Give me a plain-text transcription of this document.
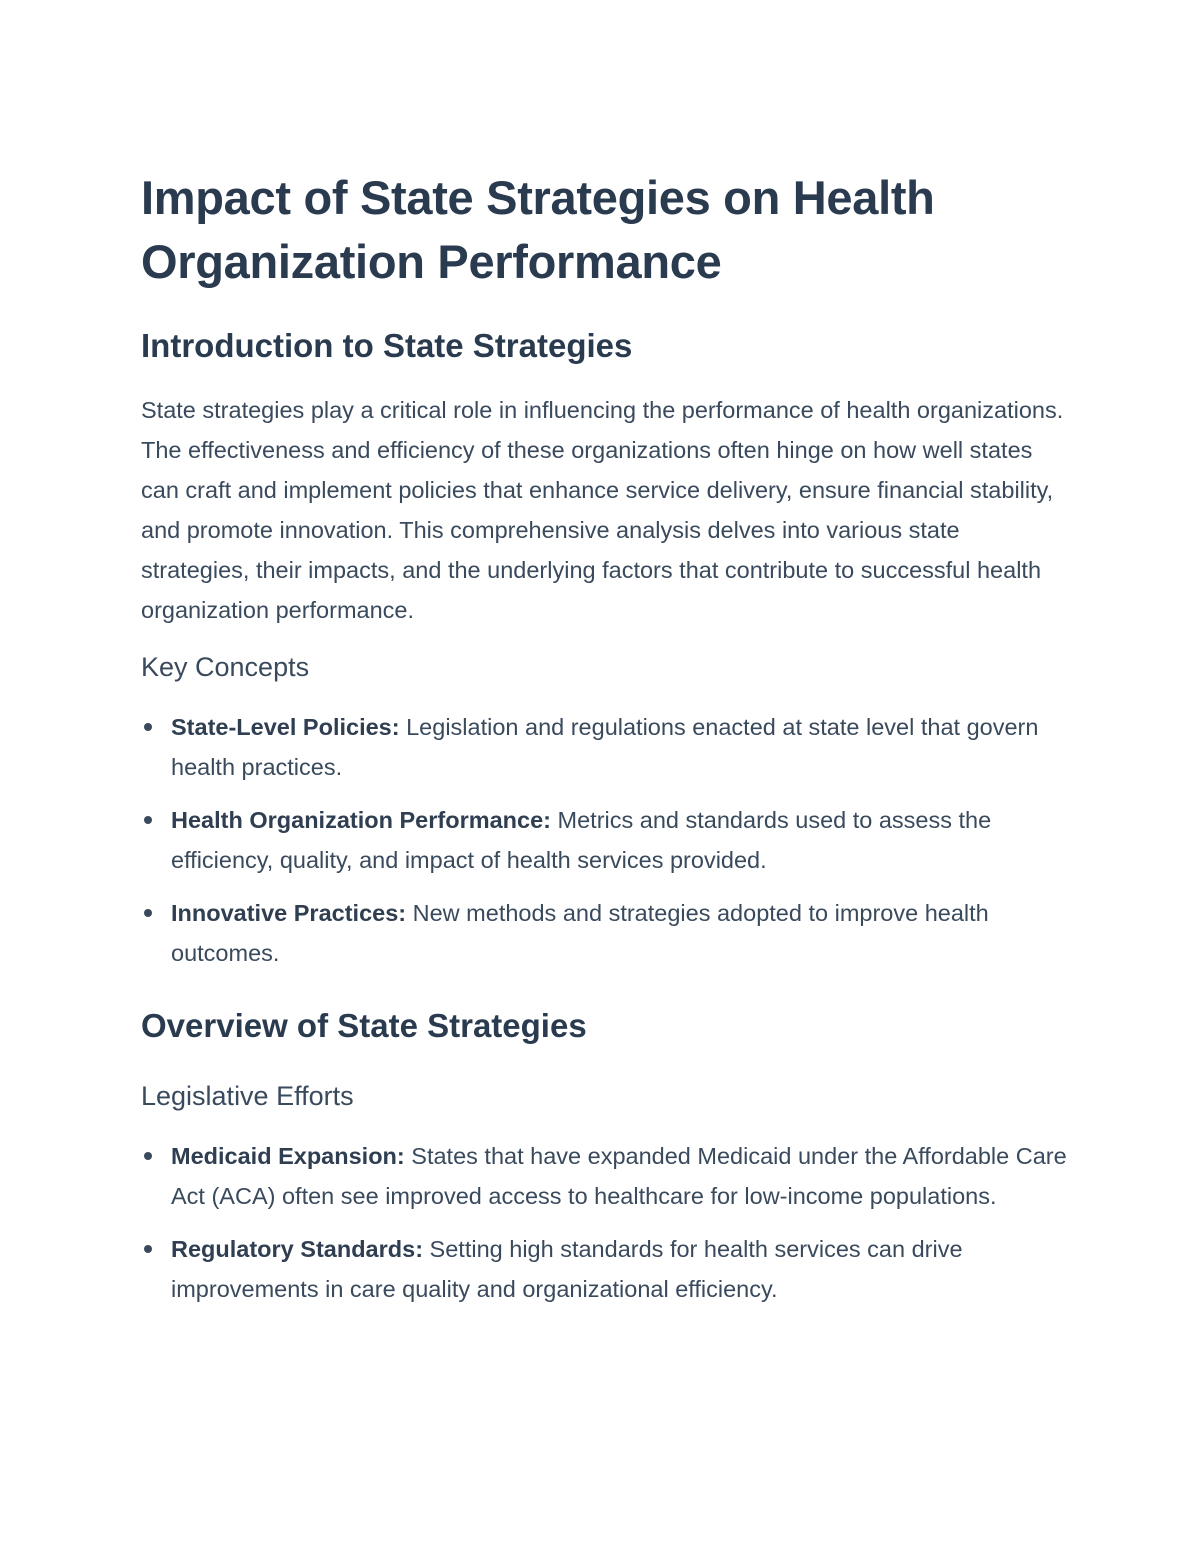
Impact of State Strategies on Health Organization Performance
Introduction to State Strategies

State strategies play a critical role in influencing the performance of health organizations. The effectiveness and efficiency of these organizations often hinge on how well states can craft and implement policies that enhance service delivery, ensure financial stability, and promote innovation. This comprehensive analysis delves into various state strategies, their impacts, and the underlying factors that contribute to successful health organization performance.

Key Concepts
State-Level Policies: Legislation and regulations enacted at state level that govern health practices.
Health Organization Performance: Metrics and standards used to assess the efficiency, quality, and impact of health services provided.
Innovative Practices: New methods and strategies adopted to improve health outcomes.
Overview of State Strategies
Legislative Efforts
Medicaid Expansion: States that have expanded Medicaid under the Affordable Care Act (ACA) often see improved access to healthcare for low-income populations.
Regulatory Standards: Setting high standards for health services can drive improvements in care quality and organizational efficiency.
